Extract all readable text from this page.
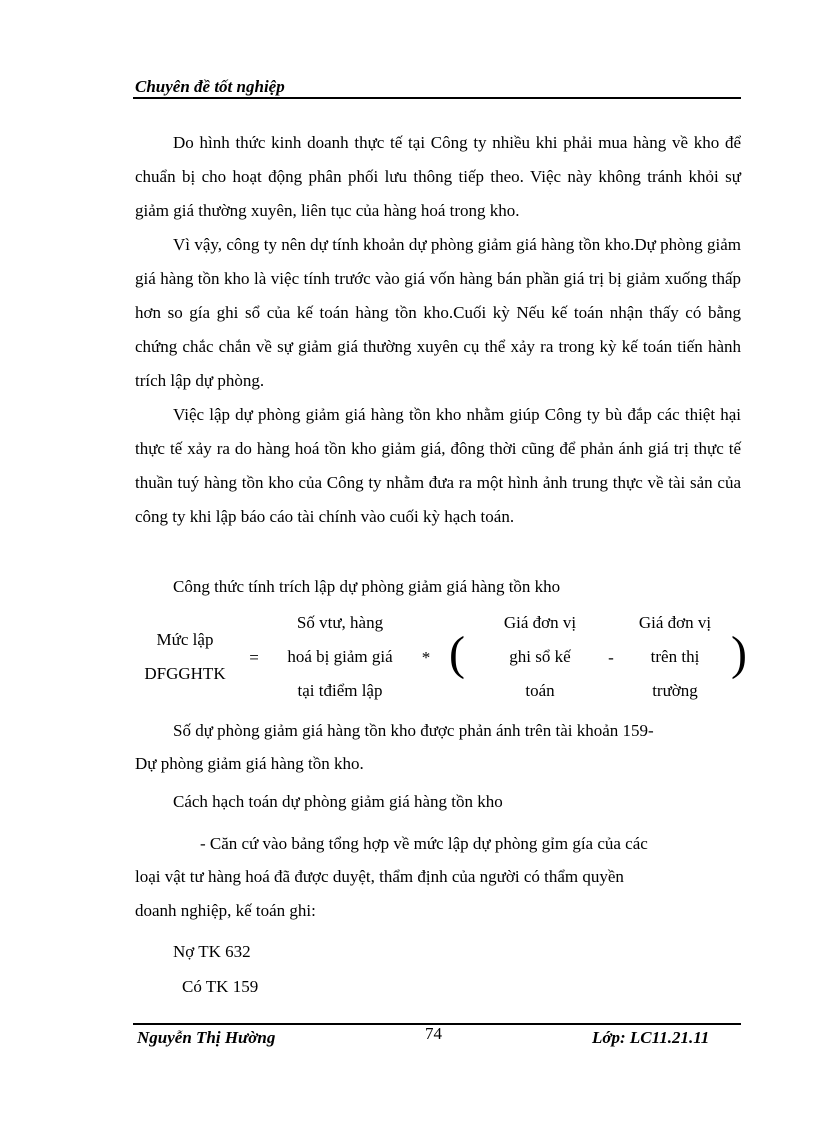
Chuyên đề tốt nghiệp

Do hình thức kinh doanh thực tế tại Công ty nhiều khi phải mua hàng về kho để chuẩn bị cho hoạt động phân phối lưu thông tiếp theo. Việc này không tránh khỏi sự giảm giá thường xuyên, liên tục của hàng hoá trong kho.

Vì vậy, công ty nên dự tính khoản dự phòng giảm giá hàng tồn kho.Dự phòng giảm giá hàng tồn kho là việc tính trước vào giá vốn hàng bán phần giá trị bị giảm xuống thấp hơn so gía ghi sổ của kế toán hàng tồn kho.Cuối kỳ Nếu kế toán nhận thấy có bằng chứng chắc chắn về sự giảm giá thường xuyên cụ thể xảy ra trong kỳ kế toán tiến hành trích lập dự phòng.

Việc lập dự phòng giảm giá hàng tồn kho nhằm giúp Công ty bù đắp các thiệt hại thực tế xảy ra do hàng hoá tồn kho giảm giá, đông thời cũng để phản ánh giá trị thực tế thuần tuý hàng tồn kho của Công ty nhằm đưa ra một hình ảnh trung thực về tài sản của công ty khi lập báo cáo tài chính vào cuối kỳ hạch toán.

Công thức tính trích lập dự phòng giảm giá hàng tồn kho
Mức lập
DFGGHTK
=
Số vtư, hàng
hoá bị giảm giá
tại tđiểm lập
* (
Giá đơn vị
ghi sổ kế
toán
-
Giá đơn vị
trên thị
trường
)
Số dự phòng giảm giá hàng tồn kho được phản ánh trên tài khoản 159-
Dự phòng giảm giá hàng tồn kho.
Cách hạch toán dự phòng giảm giá hàng tồn kho
- Căn cứ vào bảng tổng hợp về mức lập dự phòng gỉm gía của các
loại vật tư hàng hoá đã được duyệt, thẩm định của người có thẩm quyền
doanh nghiệp, kế toán ghi:
Nợ TK 632
Có TK 159
Nguyễn Thị Hường	74	Lớp: LC11.21.11
